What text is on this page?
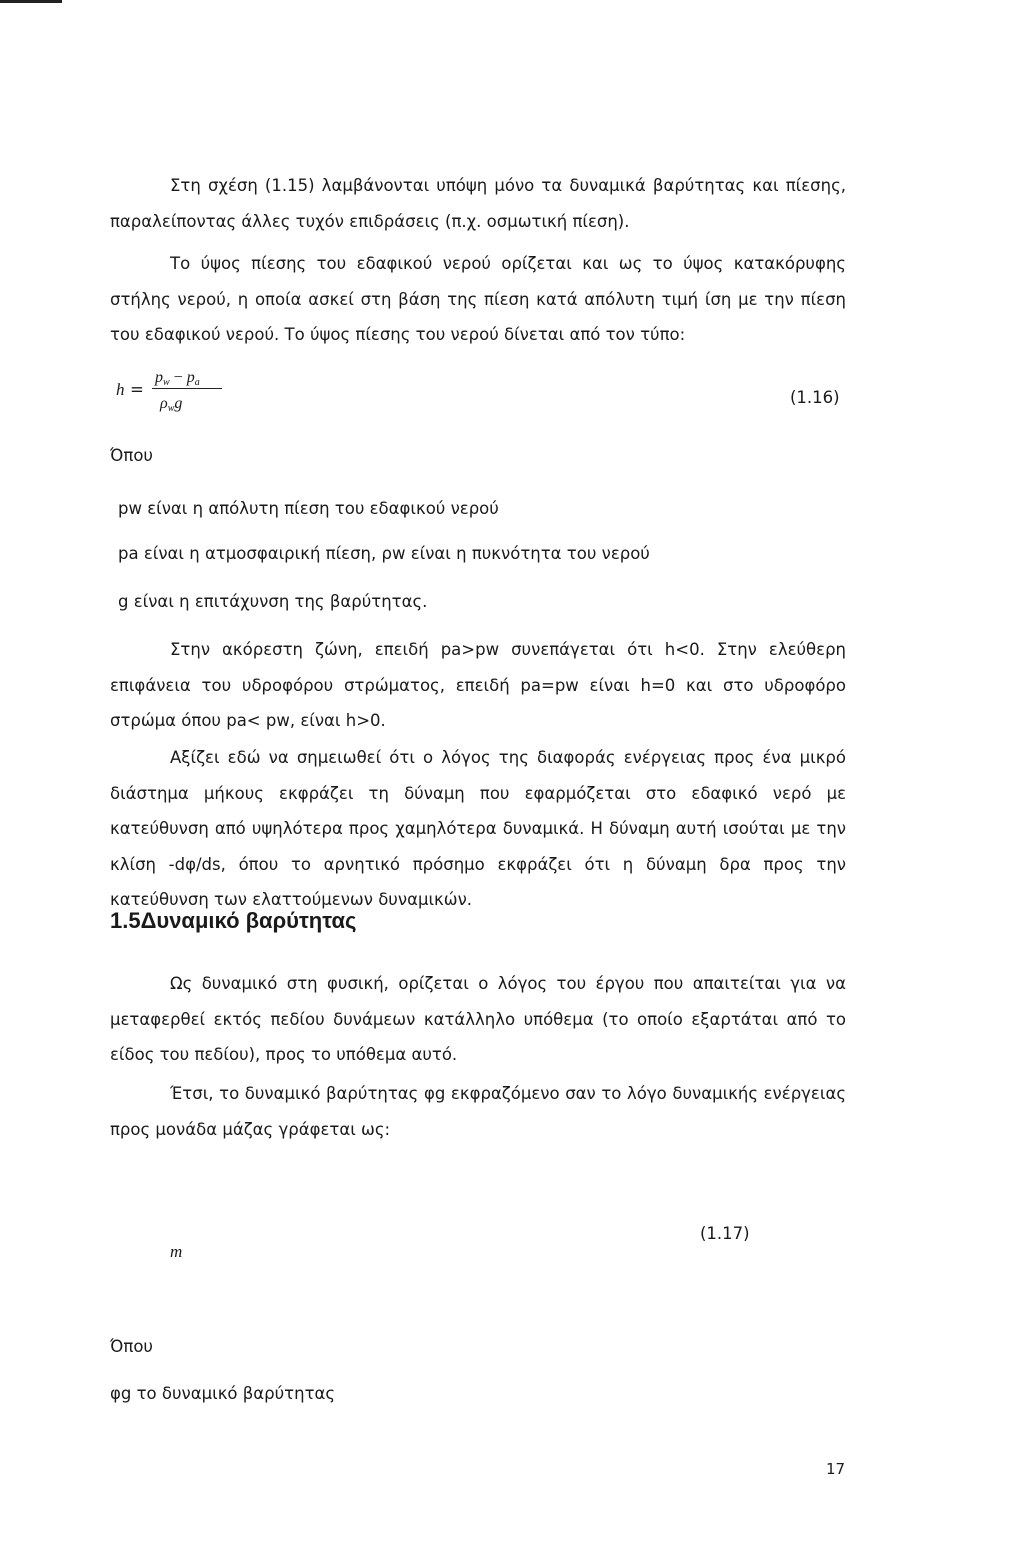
Στη σχέση (1.15) λαμβάνονται υπόψη μόνο τα δυναμικά βαρύτητας και πίεσης, παραλείποντας άλλες τυχόν επιδράσεις (π.χ. οσμωτική πίεση).

Το ύψος πίεσης του εδαφικού νερού ορίζεται και ως το ύψος κατακόρυφης στήλης νερού, η οποία ασκεί στη βάση της πίεση κατά απόλυτη τιμή ίση με την πίεση του εδαφικού νερού. Το ύψος πίεσης του νερού δίνεται από τον τύπο:

h =
$p_w - p_a$
$\rho_wg$	(1.16)

Όπου

pw είναι η απόλυτη πίεση του εδαφικού νερού

pa είναι η ατμοσφαιρική πίεση, ρw είναι η πυκνότητα του νερού

g είναι η επιτάχυνση της βαρύτητας.

Στην ακόρεστη ζώνη, επειδή pa>pw συνεπάγεται ότι h<0. Στην ελεύθερη επιφάνεια του υδροφόρου στρώματος, επειδή pa=pw είναι h=0 και στο υδροφόρο στρώμα όπου pa< pw, είναι h>0.

Αξίζει εδώ να σημειωθεί ότι ο λόγος της διαφοράς ενέργειας προς ένα μικρό διάστημα μήκους εκφράζει τη δύναμη που εφαρμόζεται στο εδαφικό νερό με κατεύθυνση από υψηλότερα προς χαμηλότερα δυναμικά. Η δύναμη αυτή ισούται με την κλίση -dφ/ds, όπου το αρνητικό πρόσημο εκφράζει ότι η δύναμη δρα προς την κατεύθυνση των ελαττούμενων δυναμικών.

1.5Δυναμικό βαρύτητας

Ως δυναμικό στη φυσική, ορίζεται ο λόγος του έργου που απαιτείται για να μεταφερθεί εκτός πεδίου δυνάμεων κατάλληλο υπόθεμα (το οποίο εξαρτάται από το είδος του πεδίου), προς το υπόθεμα αυτό.

Έτσι, το δυναμικό βαρύτητας φg εκφραζόμενο σαν το λόγο δυναμικής ενέργειας προς μονάδα μάζας γράφεται ως:

m
(1.17)

Όπου

φg το δυναμικό βαρύτητας

17
